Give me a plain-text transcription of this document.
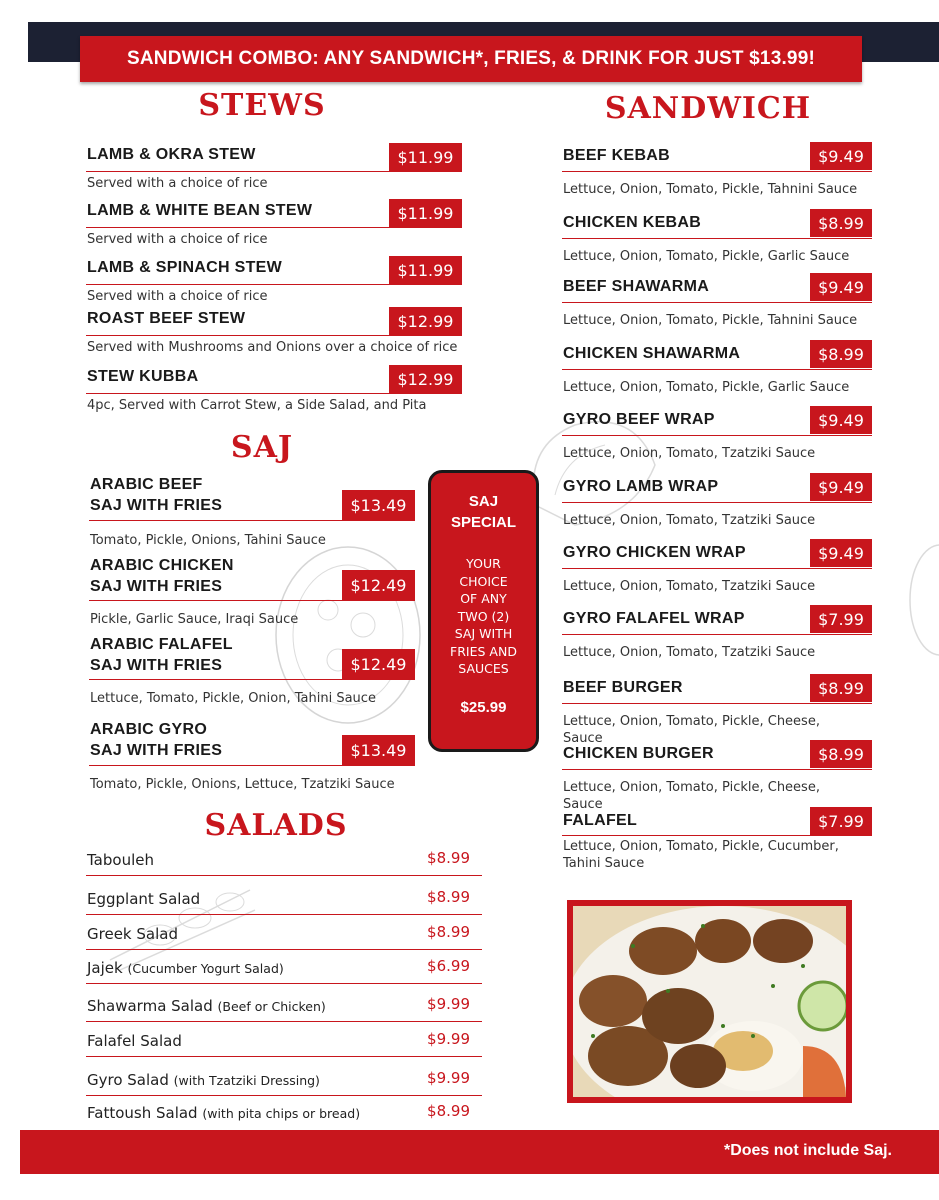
SANDWICH COMBO: ANY SANDWICH*, FRIES, & DRINK FOR JUST $13.99!
STEWS
LAMB & OKRA STEW	$11.99
Served with a choice of rice
LAMB & WHITE BEAN STEW	$11.99
Served with a choice of rice
LAMB & SPINACH STEW	$11.99
Served with a choice of rice
ROAST BEEF STEW	$12.99
Served with Mushrooms and Onions over a choice of rice
STEW KUBBA	$12.99
4pc, Served with Carrot Stew, a Side Salad, and Pita
SAJ
ARABIC BEEF
SAJ WITH FRIES	$13.49
Tomato, Pickle, Onions, Tahini Sauce
ARABIC CHICKEN
SAJ WITH FRIES	$12.49
Pickle, Garlic Sauce, Iraqi Sauce
ARABIC FALAFEL
SAJ WITH FRIES	$12.49
Lettuce, Tomato, Pickle, Onion, Tahini Sauce
ARABIC GYRO
SAJ WITH FRIES	$13.49
Tomato, Pickle, Onions, Lettuce, Tzatziki Sauce
SAJ
SPECIAL
YOUR
CHOICE
OF ANY
TWO (2)
SAJ WITH
FRIES AND
SAUCES
$25.99
SALADS
Tabouleh	$8.99
Eggplant Salad	$8.99
Greek Salad	$8.99
Jajek (Cucumber Yogurt Salad)	$6.99
Shawarma Salad (Beef or Chicken)	$9.99
Falafel Salad	$9.99
Gyro Salad (with Tzatziki Dressing)	$9.99
Fattoush Salad (with pita chips or bread)	$8.99
SANDWICH
BEEF KEBAB	$9.49
Lettuce, Onion, Tomato, Pickle, Tahnini Sauce
CHICKEN KEBAB	$8.99
Lettuce, Onion, Tomato, Pickle, Garlic Sauce
BEEF SHAWARMA	$9.49
Lettuce, Onion, Tomato, Pickle, Tahnini Sauce
CHICKEN SHAWARMA	$8.99
Lettuce, Onion, Tomato, Pickle, Garlic Sauce
GYRO BEEF WRAP	$9.49
Lettuce, Onion, Tomato, Tzatziki Sauce
GYRO LAMB WRAP	$9.49
Lettuce, Onion, Tomato, Tzatziki Sauce
GYRO CHICKEN WRAP	$9.49
Lettuce, Onion, Tomato, Tzatziki Sauce
GYRO FALAFEL WRAP	$7.99
Lettuce, Onion, Tomato, Tzatziki Sauce
BEEF BURGER	$8.99
Lettuce, Onion, Tomato, Pickle, Cheese, Sauce
CHICKEN BURGER	$8.99
Lettuce, Onion, Tomato, Pickle, Cheese, Sauce
FALAFEL	$7.99
Lettuce, Onion, Tomato, Pickle, Cucumber, Tahini Sauce
*Does not include Saj.
